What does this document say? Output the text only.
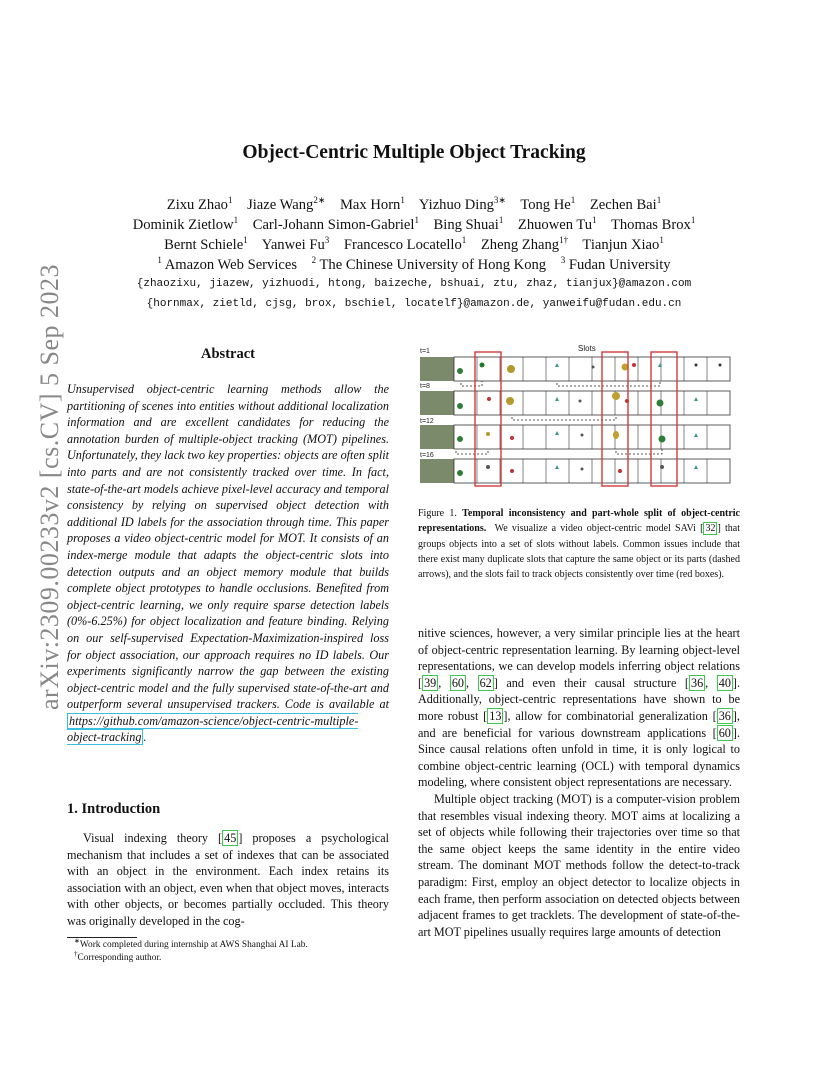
arXiv:2309.00233v2 [cs.CV] 5 Sep 2023
Object-Centric Multiple Object Tracking
Zixu Zhao$^1$ Jiaze Wang$^{2∗}$ Max Horn$^1$ Yizhuo Ding$^{3∗}$ Tong He$^1$ Zechen Bai$^1$
Dominik Zietlow$^1$ Carl-Johann Simon-Gabriel$^1$ Bing Shuai$^1$ Zhuowen Tu$^1$ Thomas Brox$^1$
Bernt Schiele$^1$ Yanwei Fu$^3$ Francesco Locatello$^1$ Zheng Zhang$^{1\dagger}$ Tianjun Xiao$^1$
$^1$ Amazon Web Services $^2$ The Chinese University of Hong Kong $^3$ Fudan University
{zhaozixu, jiazew, yizhuodi, htong, baizeche, bshuai, ztu, zhaz, tianjux}@amazon.com
{hornmax, zietld, cjsg, brox, bschiel, locatelf}@amazon.de, yanweifu@fudan.edu.cn
Abstract
Unsupervised object-centric learning methods allow the partitioning of scenes into entities without additional localization information and are excellent candidates for reducing the annotation burden of multiple-object tracking (MOT) pipelines. Unfortunately, they lack two key properties: objects are often split into parts and are not consistently tracked over time. In fact, state-of-the-art models achieve pixel-level accuracy and temporal consistency by relying on supervised object detection with additional ID labels for the association through time. This paper proposes a video object-centric model for MOT. It consists of an index-merge module that adapts the object-centric slots into detection outputs and an object memory module that builds complete object prototypes to handle occlusions. Benefited from object-centric learning, we only require sparse detection labels (0%-6.25%) for object localization and feature binding. Relying on our self-supervised Expectation-Maximization-inspired loss for object association, our approach requires no ID labels. Our experiments significantly narrow the gap between the existing object-centric model and the fully supervised state-of-the-art and outperform several unsupervised trackers. Code is available at https://github.com/amazon-science/object-centric-multiple-object-tracking .
1. Introduction

Visual indexing theory [ 45 ] proposes a psychological mechanism that includes a set of indexes that can be associated with an object in the environment. Each index retains its association with an object, even when that object moves, interacts with other objects, or becomes partially occluded. This theory was originally developed in the cog-

∗Work completed during internship at AWS Shanghai AI Lab.
†Corresponding author.
t=1
t=8
t=12
t=16
Slots
Figure 1. Temporal inconsistency and part-whole split of object-centric representations. We visualize a video object-centric model SAVi [ 32 ] that groups objects into a set of slots without labels. Common issues include that there exist many duplicate slots that capture the same object or its parts (dashed arrows), and the slots fail to track objects consistently over time (red boxes).

nitive sciences, however, a very similar principle lies at the heart of object-centric representation learning. By learning object-level representations, we can develop models inferring object relations [ 39 , 60 , 62 ] and even their causal structure [ 36 , 40 ]. Additionally, object-centric representations have shown to be more robust [ 13 ], allow for combinatorial generalization [ 36 ], and are beneficial for various downstream applications [ 60 ]. Since causal relations often unfold in time, it is only logical to combine object-centric learning (OCL) with temporal dynamics modeling, where consistent object representations are necessary.

Multiple object tracking (MOT) is a computer-vision problem that resembles visual indexing theory. MOT aims at localizing a set of objects while following their trajectories over time so that the same object keeps the same identity in the entire video stream. The dominant MOT methods follow the detect-to-track paradigm: First, employ an object detector to localize objects in each frame, then perform association on detected objects between adjacent frames to get tracklets. The development of state-of-the-art MOT pipelines usually requires large amounts of detection
